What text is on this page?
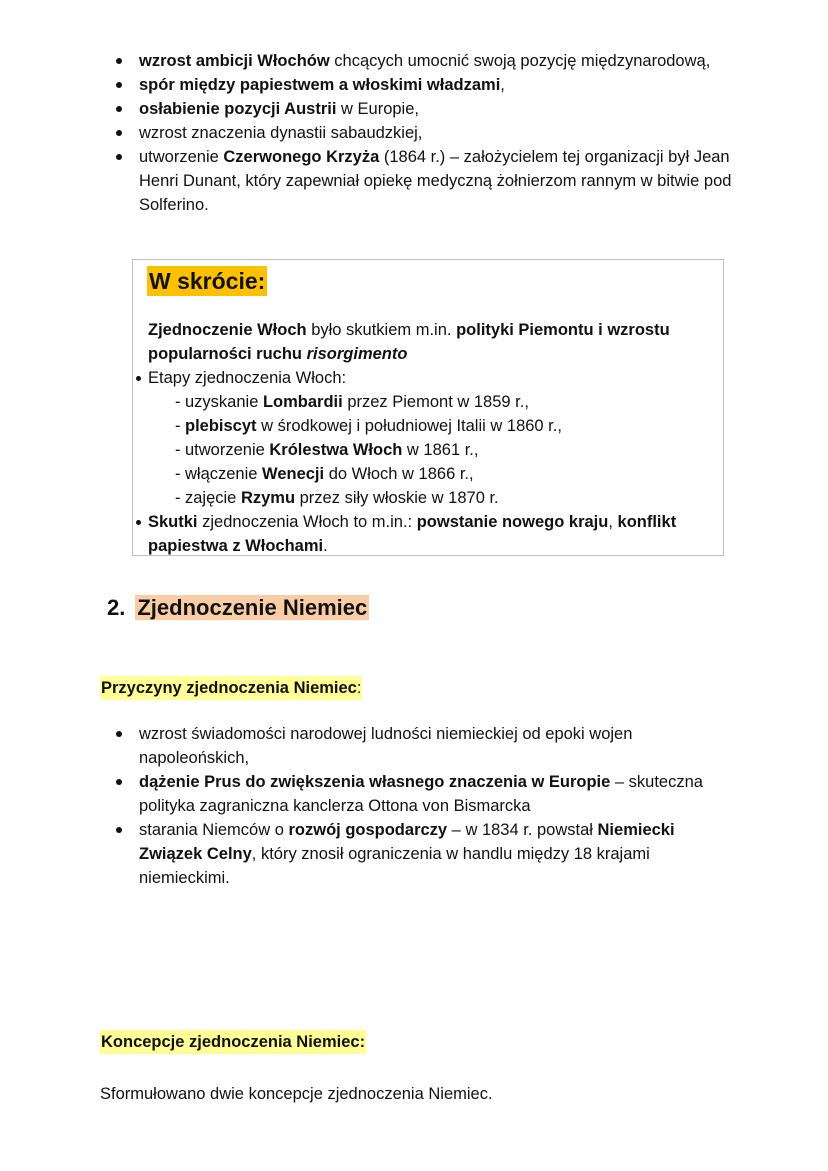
wzrost ambicji Włochów chcących umocnić swoją pozycję międzynarodową,
spór między papiestwem a włoskimi władzami,
osłabienie pozycji Austrii w Europie,
wzrost znaczenia dynastii sabaudzkiej,
utworzenie Czerwonego Krzyża (1864 r.) – założycielem tej organizacji był Jean Henri Dunant, który zapewniał opiekę medyczną żołnierzom rannym w bitwie pod Solferino.
W skrócie:
Zjednoczenie Włoch było skutkiem m.in. polityki Piemontu i wzrostu popularności ruchu risorgimento
Etapy zjednoczenia Włoch:
- uzyskanie Lombardii przez Piemont w 1859 r.,
- plebiscyt w środkowej i południowej Italii w 1860 r.,
- utworzenie Królestwa Włoch w 1861 r.,
- włączenie Wenecji do Włoch w 1866 r.,
- zajęcie Rzymu przez siły włoskie w 1870 r.
Skutki zjednoczenia Włoch to m.in.: powstanie nowego kraju, konflikt papiestwa z Włochami.
2. Zjednoczenie Niemiec
Przyczyny zjednoczenia Niemiec:
wzrost świadomości narodowej ludności niemieckiej od epoki wojen napoleońskich,
dążenie Prus do zwiększenia własnego znaczenia w Europie – skuteczna polityka zagraniczna kanclerza Ottona von Bismarcka
starania Niemców o rozwój gospodarczy – w 1834 r. powstał Niemiecki Związek Celny, który znosił ograniczenia w handlu między 18 krajami niemieckimi.
Koncepcje zjednoczenia Niemiec:
Sformułowano dwie koncepcje zjednoczenia Niemiec.
